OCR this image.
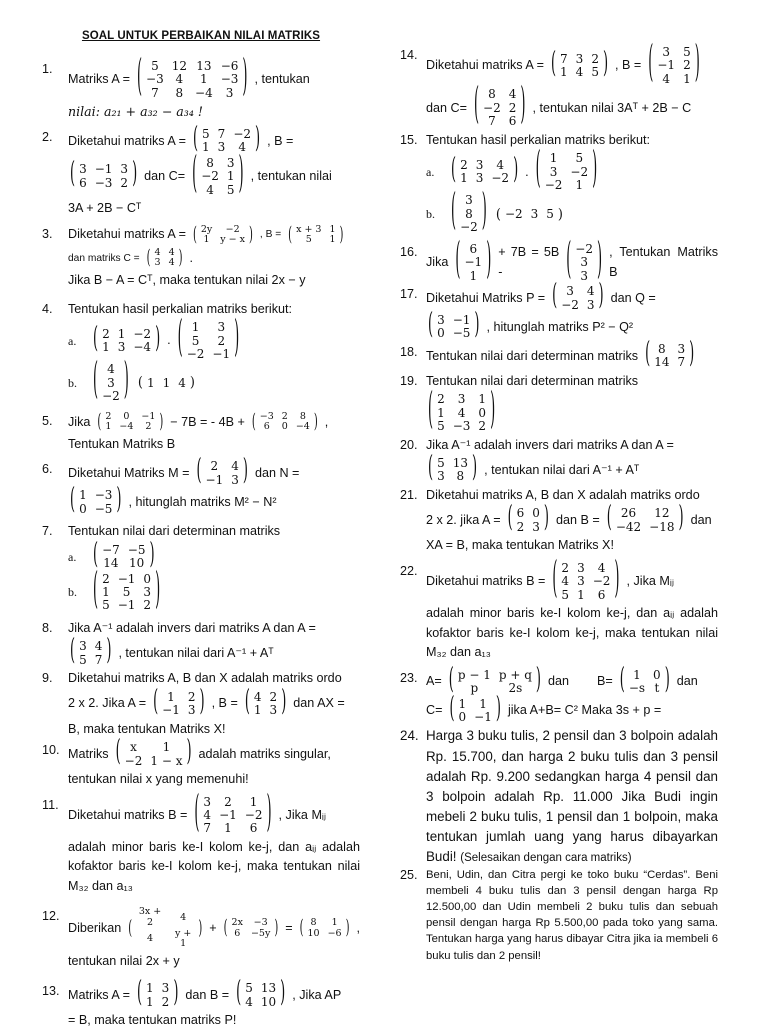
SOAL UNTUK PERBAIKAN NILAI MATRIKS
1.
Matriks A = ( 5	12	13	−6
−3	4	1	−3
7	8	−4	3 ) , tentukan

nilai: a₂₁ + a₃₂ − a₃₄ !

2.	Diketahui matriks A = ( 5	7	−2
1	3	4 ) , B =
( 3	−1	3
6	−3	2 ) dan C= ( 8	3
−2	1
4	5 ) , tentukan nilai

3A + 2B − Cᵀ

3.	Diketahui matriks A = ( 2y	−2
1	y − x ) , B = ( x + 3	1
5	1 )
dan matriks C = ( 4	4
3	4 ) .

Jika B − A = Cᵀ, maka tentukan nilai 2x − y

4.	Tentukan hasil perkalian matriks berikut:

a.	( 2	1	−2
1	3	−4 ) . ( 1	3
5	2
−2	−1 )
b.	( 4
3
−2 ) ( 1	1	4 )
5.	Jika ( 2	0	−1
1	−4	2 ) − 7B = - 4B + ( −3	2	8
6	0	−4 ) ,

Tentukan Matriks B

6.	Diketahui Matriks M = ( 2	4
−1	3 ) dan N =
( 1	−3
0	−5 ) , hitunglah matriks M² − N²
7.	Tentukan nilai dari determinan matriks

a.	( −7	−5
14	10 )
b.	( 2	−1	0
1	5	3
5	−1	2 )
8.	Jika A⁻¹ adalah invers dari matriks A dan A =

( 3	4
5	7 ) , tentukan nilai dari A⁻¹ + Aᵀ
9.	Diketahui matriks A, B dan X adalah matriks ordo

2 x 2. Jika A = ( 1	2
−1	3 ) , B = ( 4	2
1	3 ) dan AX =

B, maka tentukan Matriks X!

10. Matriks ( x	1
−2	1 − x ) adalah matriks singular,

tentukan nilai x yang memenuhi!

11.
Diketahui matriks B = ( 3	2	1
4	−1	−2
7	1	6 ) , Jika Mᵢⱼ

adalah minor baris ke-I kolom ke-j, dan aᵢⱼ adalah kofaktor baris ke-I kolom ke-j, maka tentukan nilai M₃₂ dan a₁₃

12.
Diberikan (
3x + 2	4
4	y + 1
) + ( 2x	−3
6	−5y ) = ( 8	1
10	−6 ) ,

tentukan nilai 2x + y

13. Matriks A = ( 1	3
1	2 ) dan B = ( 5	13
4	10 ) , Jika AP

= B, maka tentukan matriks P!

14.
Diketahui matriks A = ( 7	3	2
1	4	5 ) , B = ( 3	5
−1	2
4	1 )
dan C= ( 8	4
−2	2
7	6 ) , tentukan nilai 3Aᵀ + 2B − C
15. Tentukan hasil perkalian matriks berikut:

a.	( 2	3	4
1	3	−2 ) . ( 1	5
3	−2
−2	1 )
b.	( 3
8
−2 ) ( −2	3	5 )
16.
Jika ( 6
−1
1 ) + 7B = 5B -	( −2
3
3 ) , Tentukan Matriks B
17. Diketahui Matriks P = ( 3	4
−2	3 ) dan Q =
( 3	−1
0	−5 ) , hitunglah matriks P² − Q²
18. Tentukan nilai dari determinan matriks ( 8	3
14	7 )
19. Tentukan nilai dari determinan matriks

( 2	3	1
1	4	0
5	−3	2 )
20. Jika A⁻¹ adalah invers dari matriks A dan A =

( 5	13
3	8 ) , tentukan nilai dari A⁻¹ + Aᵀ
21. Diketahui matriks A, B dan X adalah matriks ordo

2 x 2. jika A = ( 6	0
2	3 ) dan B = ( 26	12
−42	−18 ) dan

XA = B, maka tentukan Matriks X!

22.
Diketahui matriks B = ( 2	3	4
4	3	−2
5	1	6 ) , Jika Mᵢⱼ

adalah minor baris ke-I kolom ke-j, dan aᵢⱼ adalah kofaktor baris ke-I kolom ke-j, maka tentukan nilai M₃₂ dan a₁₃

23. A= ( p − 1	p + q
p	2s ) dan B= ( 1	0
−s	t ) dan
C= ( 1	1
0	−1 ) jika A+B= C² Maka 3s + p =
24. Harga 3 buku tulis, 2 pensil dan 3 bolpoin adalah Rp. 15.700, dan harga 2 buku tulis dan 3 pensil adalah Rp. 9.200 sedangkan harga 4 pensil dan 3 bolpoin adalah Rp. 11.000 Jika Budi ingin mebeli 2 buku tulis, 1 pensil dan 1 bolpoin, maka tentukan jumlah uang yang harus dibayarkan Budi! (Selesaikan dengan cara matriks)

25. Beni, Udin, dan Citra pergi ke toko buku “Cerdas”. Beni membeli 4 buku tulis dan 3 pensil dengan harga Rp 12.500,00 dan Udin membeli 2 buku tulis dan sebuah pensil dengan harga Rp 5.500,00 pada toko yang sama. Tentukan harga yang harus dibayar Citra jika ia membeli 6 buku tulis dan 2 pensil!
